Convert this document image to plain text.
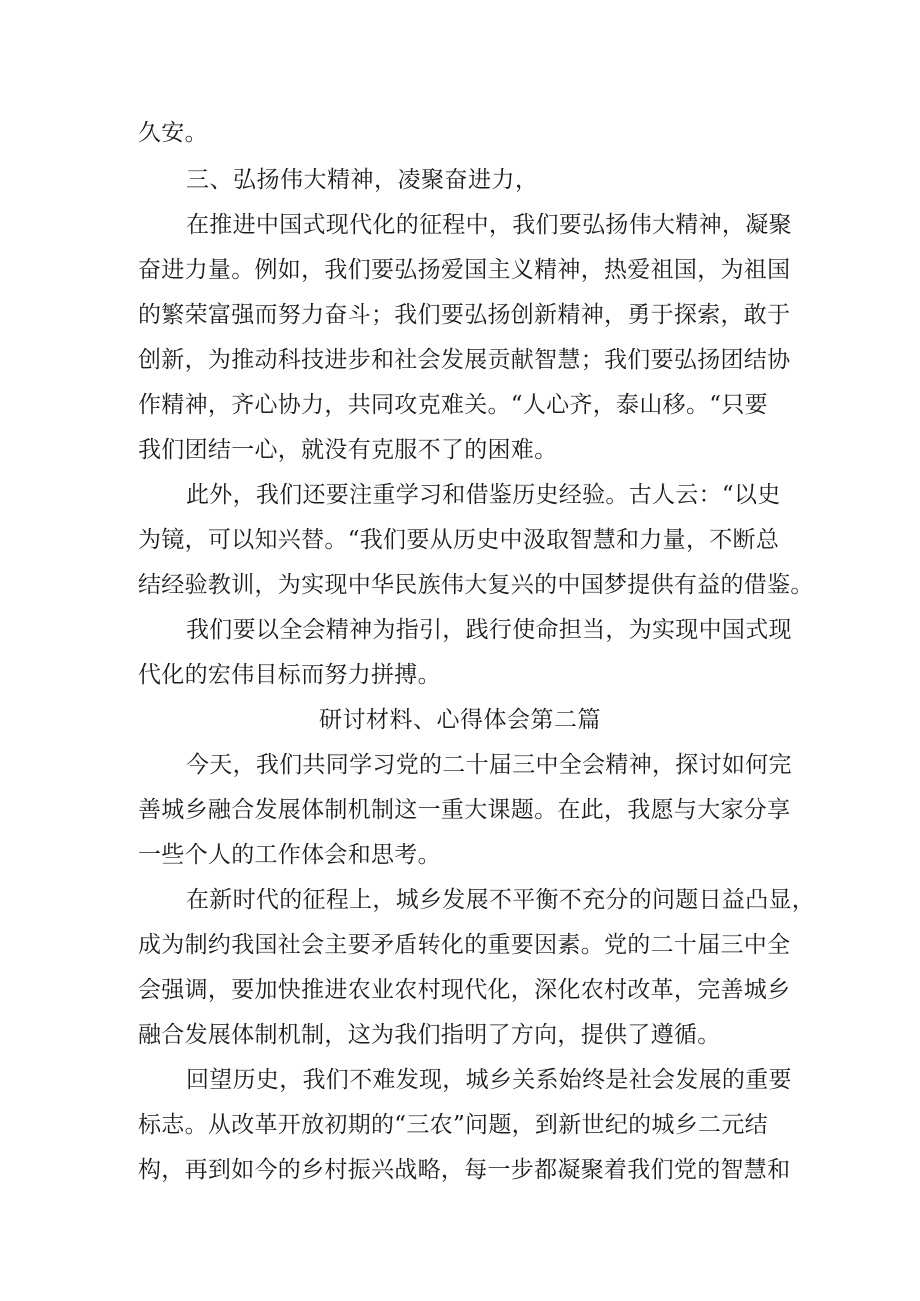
久安。
三、弘扬伟大精神，凌聚奋进力，
在推进中国式现代化的征程中，我们要弘扬伟大精神，凝聚
奋进力量。例如，我们要弘扬爱国主义精神，热爱祖国，为祖国
的繁荣富强而努力奋斗；我们要弘扬创新精神，勇于探索，敢于
创新，为推动科技进步和社会发展贡献智慧；我们要弘扬团结协
作精神，齐心协力，共同攻克难关。“人心齐，泰山移。“只要
我们团结一心，就没有克服不了的困难。
此外，我们还要注重学习和借鉴历史经验。古人云：“以史
为镜，可以知兴替。“我们要从历史中汲取智慧和力量，不断总
结经验教训，为实现中华民族伟大复兴的中国梦提供有益的借鉴。
我们要以全会精神为指引，践行使命担当，为实现中国式现
代化的宏伟目标而努力拼搏。
研讨材料、心得体会第二篇
今天，我们共同学习党的二十届三中全会精神，探讨如何完
善城乡融合发展体制机制这一重大课题。在此，我愿与大家分享
一些个人的工作体会和思考。
在新时代的征程上，城乡发展不平衡不充分的问题日益凸显，
成为制约我国社会主要矛盾转化的重要因素。党的二十届三中全
会强调，要加快推进农业农村现代化，深化农村改革，完善城乡
融合发展体制机制，这为我们指明了方向，提供了遵循。
回望历史，我们不难发现，城乡关系始终是社会发展的重要
标志。从改革开放初期的“三农”问题，到新世纪的城乡二元结
构，再到如今的乡村振兴战略，每一步都凝聚着我们党的智慧和
